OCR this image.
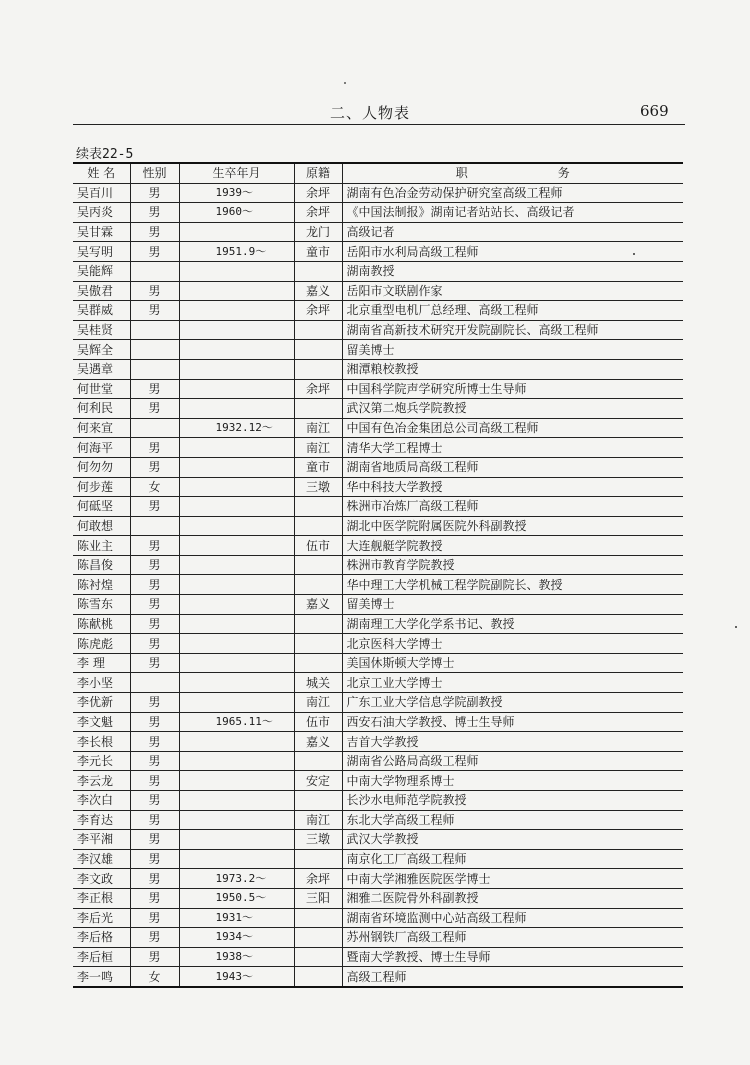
二、人物表	669
续表22-5
姓 名	性别	生卒年月	原籍	职务
吴百川	男	1939～	余坪	湖南有色冶金劳动保护研究室高级工程师
吴丙炎	男	1960～	余坪	《中国法制报》湖南记者站站长、高级记者
吴甘霖	男		龙门	高级记者
吴写明	男	1951.9～	童市	岳阳市水利局高级工程师
吴能辉				湖南教授
吴傲君	男		嘉义	岳阳市文联剧作家
吴群威	男		余坪	北京重型电机厂总经理、高级工程师
吴桂贤				湖南省高新技术研究开发院副院长、高级工程师
吴辉全				留美博士
吴遇章				湘潭粮校教授
何世堂	男		余坪	中国科学院声学研究所博士生导师
何利民	男			武汉第二炮兵学院教授
何来宣		1932.12～	南江	中国有色冶金集团总公司高级工程师
何海平	男		南江	清华大学工程博士
何勿勿	男		童市	湖南省地质局高级工程师
何步莲	女		三墩	华中科技大学教授
何砥坚	男			株洲市冶炼厂高级工程师
何敢想				湖北中医学院附属医院外科副教授
陈业主	男		伍市	大连舰艇学院教授
陈昌俊	男			株洲市教育学院教授
陈衬煌	男			华中理工大学机械工程学院副院长、教授
陈雪东	男		嘉义	留美博士
陈献桃	男			湖南理工大学化学系书记、教授
陈虎彪	男			北京医科大学博士
李 理	男			美国休斯顿大学博士
李小坚			城关	北京工业大学博士
李优新	男		南江	广东工业大学信息学院副教授
李文魁	男	1965.11～	伍市	西安石油大学教授、博士生导师
李长根	男		嘉义	吉首大学教授
李元长	男			湖南省公路局高级工程师
李云龙	男		安定	中南大学物理系博士
李次白	男			长沙水电师范学院教授
李育达	男		南江	东北大学高级工程师
李平湘	男		三墩	武汉大学教授
李汉雄	男			南京化工厂高级工程师
李文政	男	1973.2～	余坪	中南大学湘雅医院医学博士
李正根	男	1950.5～	三阳	湘雅二医院骨外科副教授
李后光	男	1931～		湖南省环境监测中心站高级工程师
李后格	男	1934～		苏州钢铁厂高级工程师
李后桓	男	1938～		暨南大学教授、博士生导师
李一鸣	女	1943～		高级工程师
